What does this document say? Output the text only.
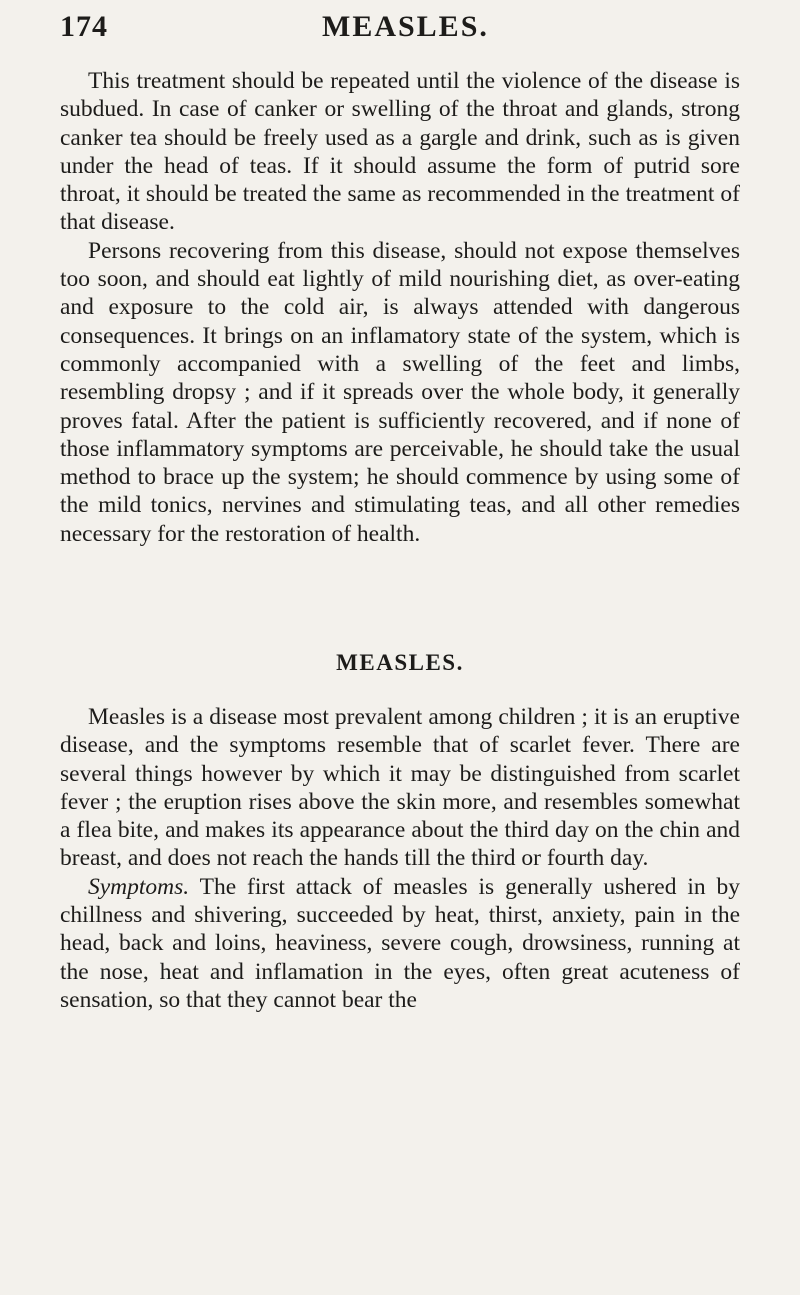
174	MEASLES.

This treatment should be repeated until the violence of the disease is subdued. In case of canker or swelling of the throat and glands, strong canker tea should be freely used as a gargle and drink, such as is given under the head of teas. If it should assume the form of putrid sore throat, it should be treated the same as recommended in the treatment of that disease.

Persons recovering from this disease, should not expose themselves too soon, and should eat lightly of mild nourishing diet, as over-eating and exposure to the cold air, is always attended with dangerous consequences. It brings on an inflamatory state of the system, which is commonly accompanied with a swelling of the feet and limbs, resembling dropsy ; and if it spreads over the whole body, it generally proves fatal. After the patient is sufficiently recovered, and if none of those inflammatory symptoms are perceivable, he should take the usual method to brace up the system; he should commence by using some of the mild tonics, nervines and stimulating teas, and all other remedies necessary for the restoration of health.

MEASLES.

Measles is a disease most prevalent among children ; it is an eruptive disease, and the symptoms resemble that of scarlet fever. There are several things however by which it may be distinguished from scarlet fever ; the eruption rises above the skin more, and resembles somewhat a flea bite, and makes its appearance about the third day on the chin and breast, and does not reach the hands till the third or fourth day.

Symptoms. The first attack of measles is generally ushered in by chillness and shivering, succeeded by heat, thirst, anxiety, pain in the head, back and loins, heaviness, severe cough, drowsiness, running at the nose, heat and inflamation in the eyes, often great acuteness of sensation, so that they cannot bear the
